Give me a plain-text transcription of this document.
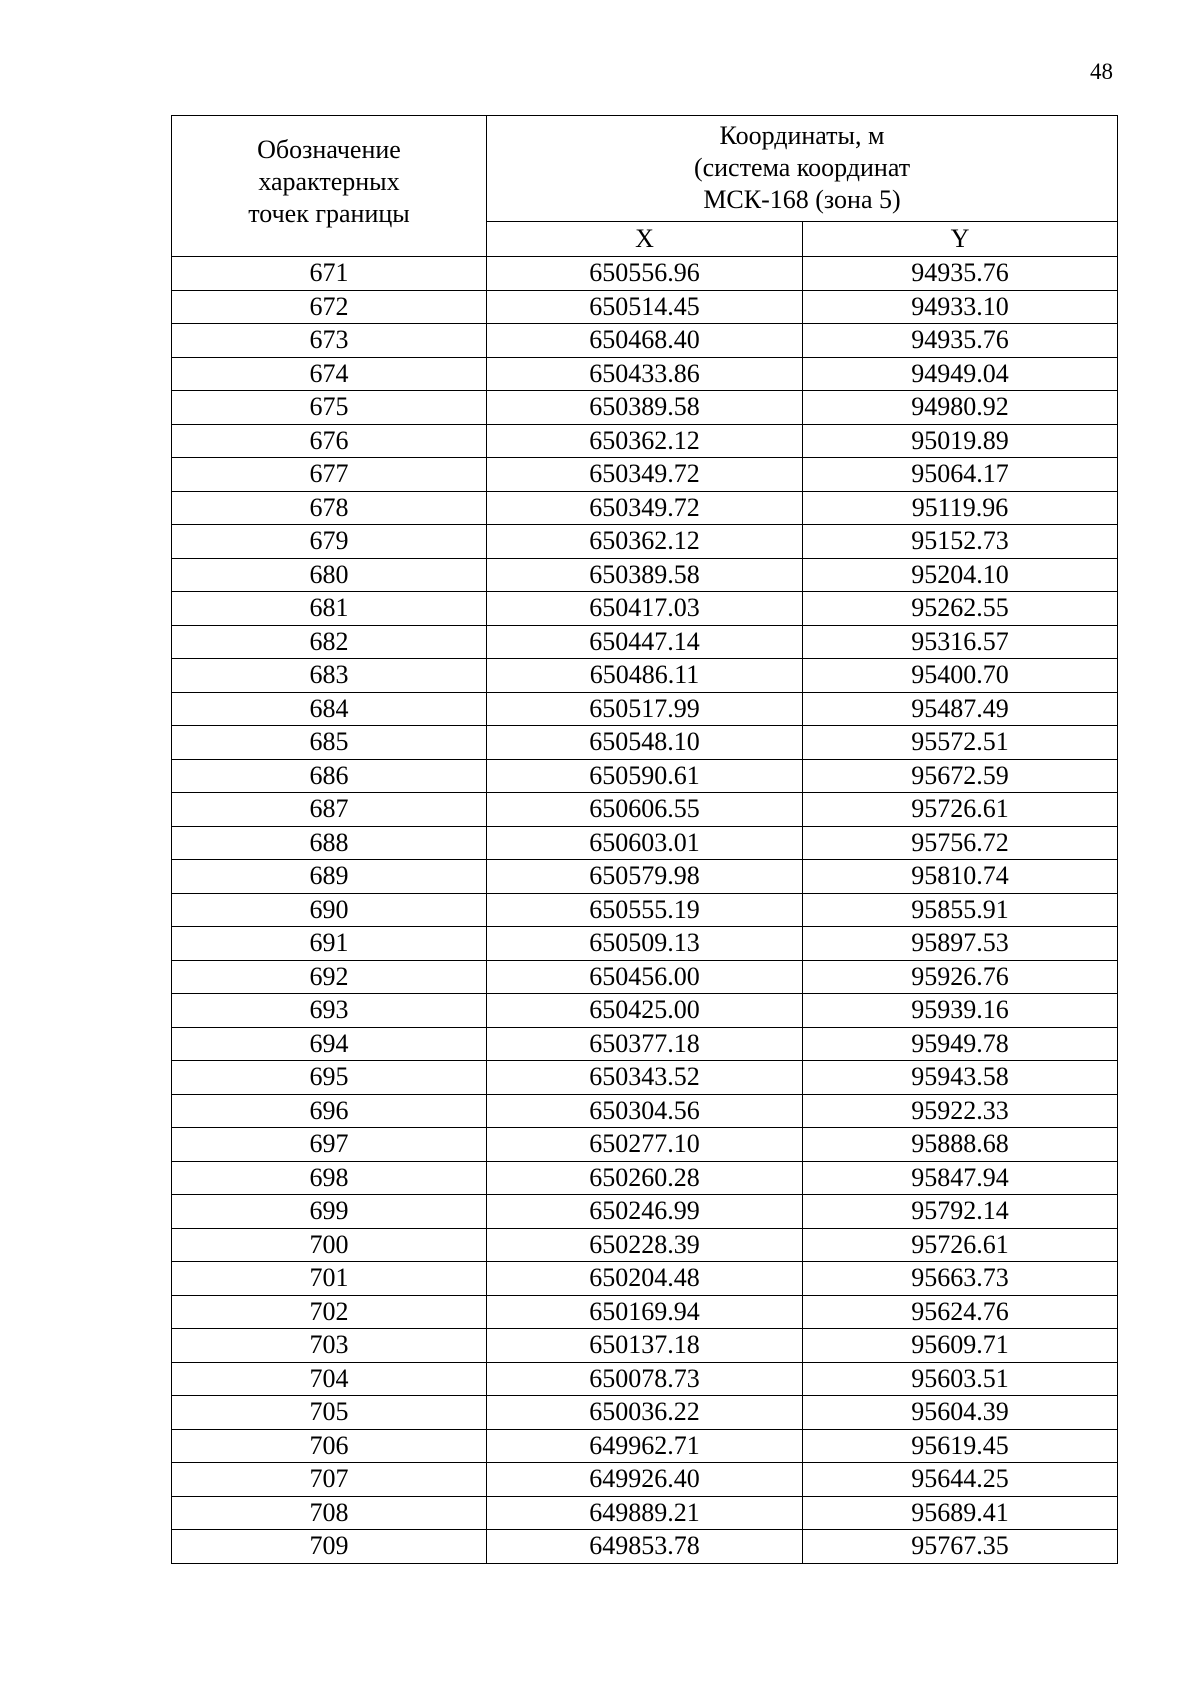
48
Обозначение
характерных
точек границы	Координаты, м
(система координат
МСК-168 (зона 5)	

	X	Y
671	650556.96	94935.76
672	650514.45	94933.10
673	650468.40	94935.76
674	650433.86	94949.04
675	650389.58	94980.92
676	650362.12	95019.89
677	650349.72	95064.17
678	650349.72	95119.96
679	650362.12	95152.73
680	650389.58	95204.10
681	650417.03	95262.55
682	650447.14	95316.57
683	650486.11	95400.70
684	650517.99	95487.49
685	650548.10	95572.51
686	650590.61	95672.59
687	650606.55	95726.61
688	650603.01	95756.72
689	650579.98	95810.74
690	650555.19	95855.91
691	650509.13	95897.53
692	650456.00	95926.76
693	650425.00	95939.16
694	650377.18	95949.78
695	650343.52	95943.58
696	650304.56	95922.33
697	650277.10	95888.68
698	650260.28	95847.94
699	650246.99	95792.14
700	650228.39	95726.61
701	650204.48	95663.73
702	650169.94	95624.76
703	650137.18	95609.71
704	650078.73	95603.51
705	650036.22	95604.39
706	649962.71	95619.45
707	649926.40	95644.25
708	649889.21	95689.41
709	649853.78	95767.35
